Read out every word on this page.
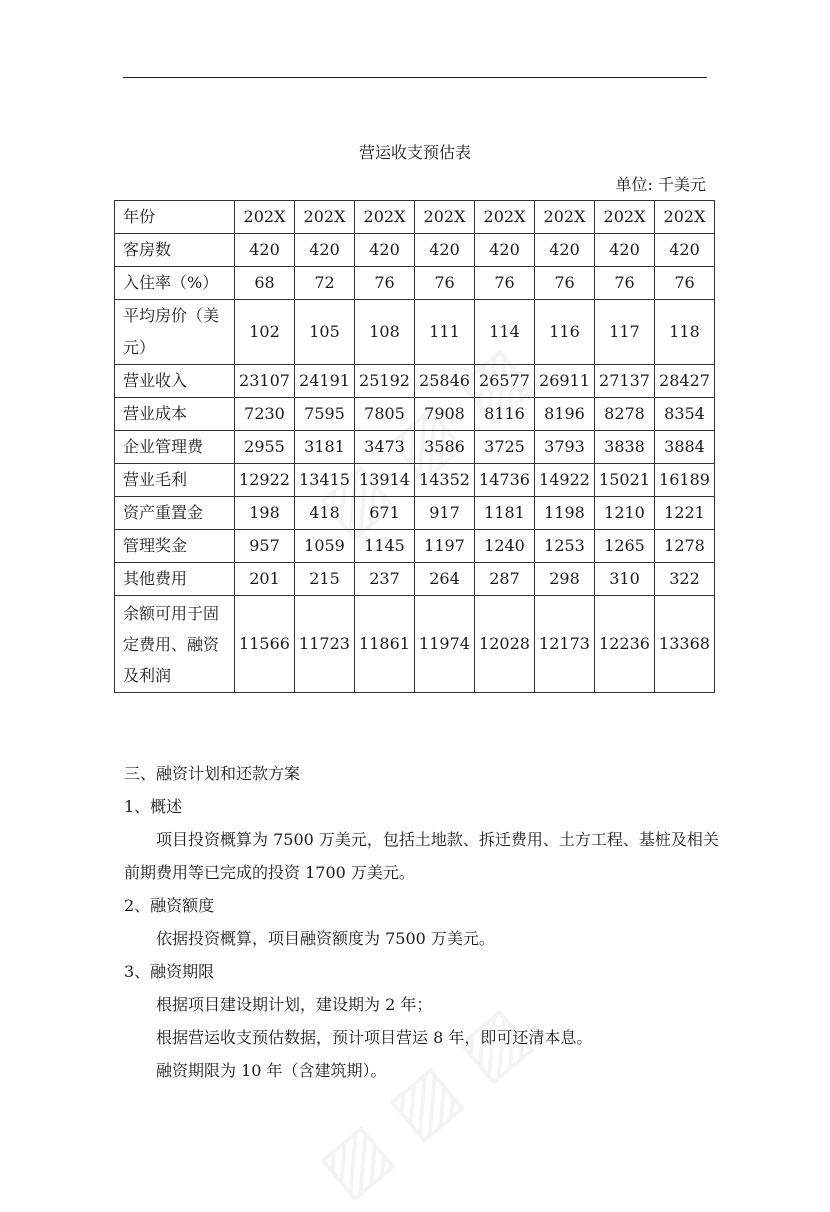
营运收支预估表
单位: 千美元
年份	202X	202X	202X	202X	202X	202X	202X	202X
客房数	420	420	420	420	420	420	420	420
入住率（%）	68	72	76	76	76	76	76	76

平均房价（美
元）	102	105	108	111	114	116	117	118
营业收入	23107	24191	25192	25846	26577	26911	27137	28427
营业成本	7230	7595	7805	7908	8116	8196	8278	8354
企业管理费	2955	3181	3473	3586	3725	3793	3838	3884
营业毛利	12922	13415	13914	14352	14736	14922	15021	16189
资产重置金	198	418	671	917	1181	1198	1210	1221
管理奖金	957	1059	1145	1197	1240	1253	1265	1278
其他费用	201	215	237	264	287	298	310	322

余额可用于固
定费用、融资
及利润	11566	11723	11861	11974	12028	12173	12236	13368

三、融资计划和还款方案

1、概述

项目投资概算为 7500 万美元，包括土地款、拆迁费用、土方工程、基桩及相关前期费用等已完成的投资 1700 万美元。

2、融资额度

依据投资概算，项目融资额度为 7500 万美元。

3、融资期限

根据项目建设期计划，建设期为 2 年；

根据营运收支预估数据，预计项目营运 8 年，即可还清本息。

融资期限为 10 年（含建筑期）。
